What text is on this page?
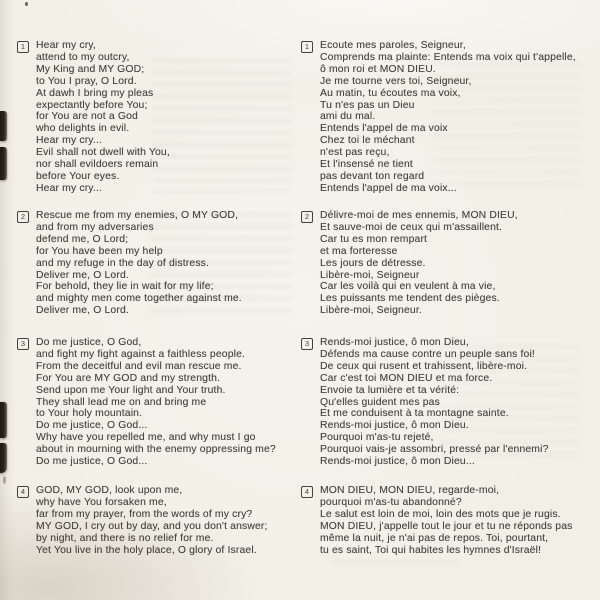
1	Hear my cry,
attend to my outcry,
My King and MY GOD;
to You I pray, O Lord.
At dawh I bring my pleas
expectantly before You;
for You are not a God
who delights in evil.
Hear my cry...
Evil shall not dwell with You,
nor shall evildoers remain
before Your eyes.
Hear my cry...
2	Rescue me from my enemies, O MY GOD,
and from my adversaries
defend me, O Lord;
for You have been my help
and my refuge in the day of distress.
Deliver me, O Lord.
For behold, they lie in wait for my life;
and mighty men come together against me.
Deliver me, O Lord.
3	Do me justice, O God,
and fight my fight against a faithless people.
From the deceitful and evil man rescue me.
For You are MY GOD and my strength.
Send upon me Your light and Your truth.
They shall lead me on and bring me
to Your holy mountain.
Do me justice, O God...
Why have you repelled me, and why must I go
about in mourning with the enemy oppressing me?
Do me justice, O God...
4	GOD, MY GOD, look upon me,
why have You forsaken me,
far from my prayer, from the words of my cry?
MY GOD, I cry out by day, and you don't answer;
by night, and there is no relief for me.
Yet You live in the holy place, O glory of Israel.
1	Ecoute mes paroles, Seigneur,
Comprends ma plainte: Entends ma voix qui t'appelle,
ô mon roi et MON DIEU.
Je me tourne vers toi, Seigneur,
Au matin, tu écoutes ma voix,
Tu n'es pas un Dieu
ami du mal.
Entends l'appel de ma voix
Chez toi le méchant
n'est pas reçu,
Et l'insensé ne tient
pas devant ton regard
Entends l'appel de ma voix...
2	Délivre-moi de mes ennemis, MON DIEU,
Et sauve-moi de ceux qui m'assaillent.
Car tu es mon rempart
et ma forteresse
Les jours de détresse.
Libère-moi, Seigneur
Car les voilà qui en veulent à ma vie,
Les puissants me tendent des pièges.
Libère-moi, Seigneur.
3	Rends-moi justice, ô mon Dieu,
Défends ma cause contre un peuple sans foi!
De ceux qui rusent et trahissent, libère-moi.
Car c'est toi MON DIEU et ma force.
Envoie ta lumière et ta vérité:
Qu'elles guident mes pas
Et me conduisent à ta montagne sainte.
Rends-moi justice, ô mon Dieu.
Pourquoi m'as-tu rejeté,
Pourquoi vais-je assombri, pressé par l'ennemi?
Rends-moi justice, ô mon Dieu...
4	MON DIEU, MON DIEU, regarde-moi,
pourquoi m'as-tu abandonné?
Le salut est loin de moi, loin des mots que je rugis.
MON DIEU, j'appelle tout le jour et tu ne réponds pas
même la nuit, je n'ai pas de repos. Toi, pourtant,
tu es saint, Toi qui habites les hymnes d'Israël!
